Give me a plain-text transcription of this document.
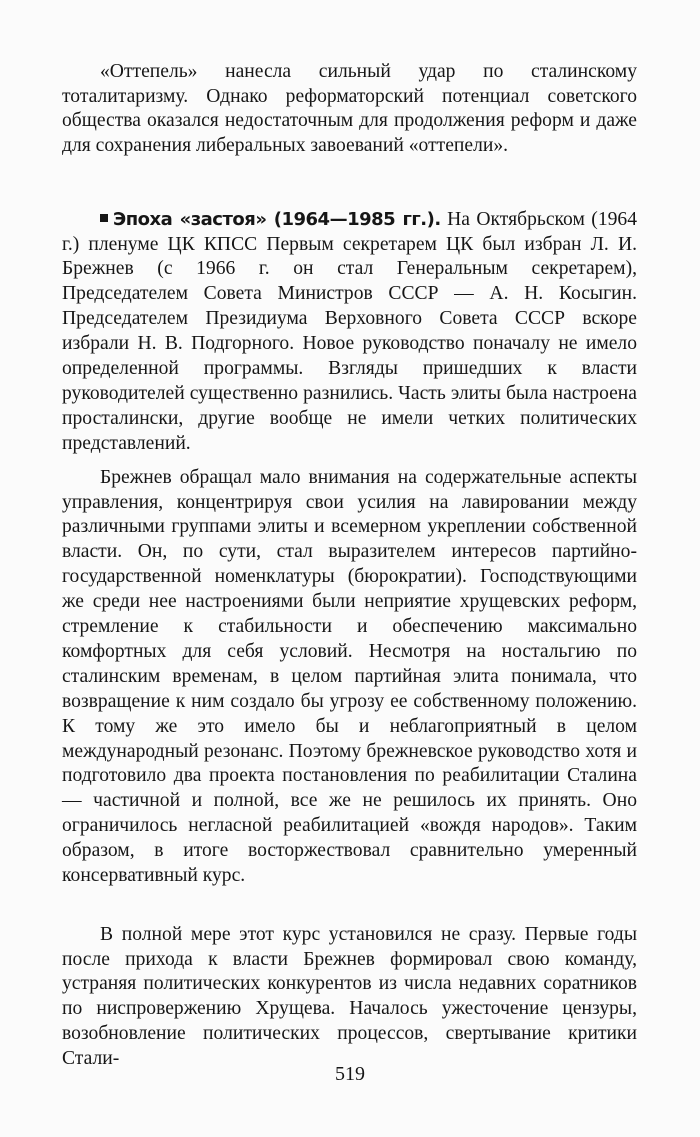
«Оттепель» нанесла сильный удар по сталинскому тоталитаризму. Однако реформаторский потенциал советского общества оказался недостаточным для продолжения реформ и даже для сохранения либеральных завоеваний «оттепели».

Эпоха «застоя» (1964—1985 гг.). На Октябрьском (1964 г.) пленуме ЦК КПСС Первым секретарем ЦК был избран Л. И. Брежнев (с 1966 г. он стал Генеральным секретарем), Председателем Совета Министров СССР — А. Н. Косыгин. Председателем Президиума Верховного Совета СССР вскоре избрали Н. В. Подгорного. Новое руководство поначалу не имело определенной программы. Взгляды пришедших к власти руководителей существенно разнились. Часть элиты была настроена просталински, другие вообще не имели четких политических представлений.

Брежнев обращал мало внимания на содержательные аспекты управления, концентрируя свои усилия на лавировании между различными группами элиты и всемерном укреплении собственной власти. Он, по сути, стал выразителем интересов партийно-государственной номенклатуры (бюрократии). Господствующими же среди нее настроениями были неприятие хрущевских реформ, стремление к стабильности и обеспечению максимально комфортных для себя условий. Несмотря на ностальгию по сталинским временам, в целом партийная элита понимала, что возвращение к ним создало бы угрозу ее собственному положению. К тому же это имело бы и неблагоприятный в целом международный резонанс. Поэтому брежневское руководство хотя и подготовило два проекта постановления по реабилитации Сталина — частичной и полной, все же не решилось их принять. Оно ограничилось негласной реабилитацией «вождя народов». Таким образом, в итоге восторжествовал сравнительно умеренный консервативный курс.

В полной мере этот курс установился не сразу. Первые годы после прихода к власти Брежнев формировал свою команду, устраняя политических конкурентов из числа недавних соратников по ниспровержению Хрущева. Началось ужесточение цензуры, возобновление политических процессов, свертывание критики Стали-

519
